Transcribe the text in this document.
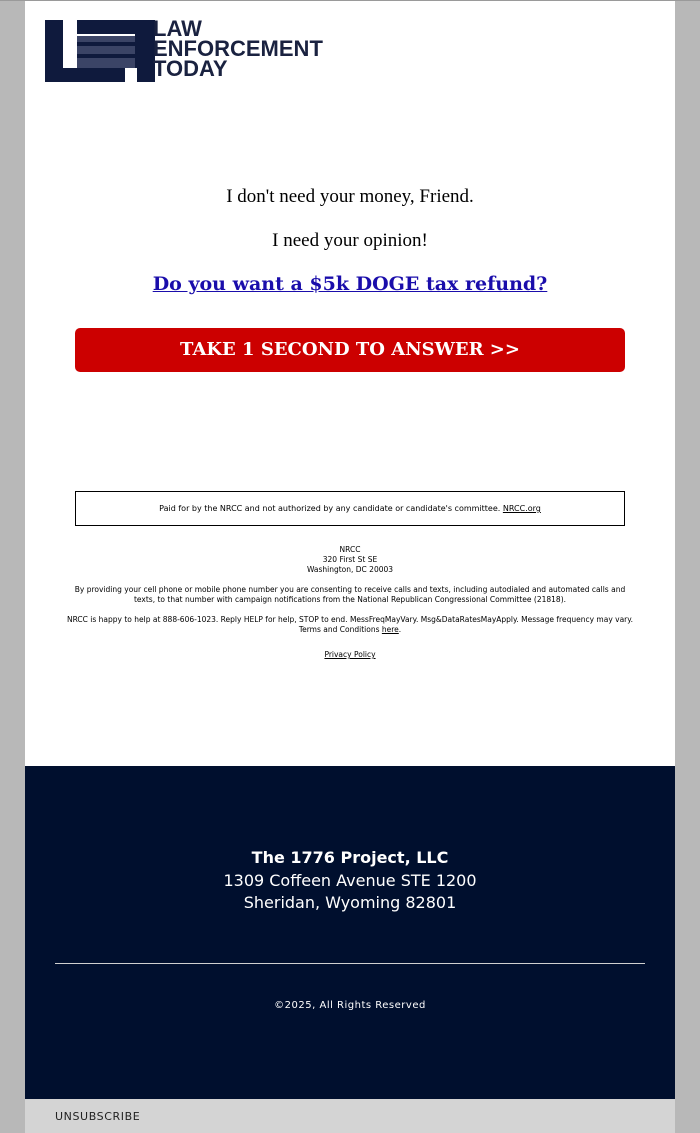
LAW
ENFORCEMENT
TODAY
I don't need your money, Friend.
I need your opinion!
Do you want a $5k DOGE tax refund?
TAKE 1 SECOND TO ANSWER >>
Paid for by the NRCC and not authorized by any candidate or candidate's committee. NRCC.org
NRCC
320 First St SE
Washington, DC 20003
By providing your cell phone or mobile phone number you are consenting to receive calls and texts, including autodialed and automated calls and texts, to that number with campaign notifications from the National Republican Congressional Committee (21818).
NRCC is happy to help at 888-606-1023. Reply HELP for help, STOP to end. MessFreqMayVary. Msg&DataRatesMayApply. Message frequency may vary. Terms and Conditions here.
Privacy Policy
The 1776 Project, LLC
1309 Coffeen Avenue STE 1200
Sheridan, Wyoming 82801
©2025, All Rights Reserved
UNSUBSCRIBE
